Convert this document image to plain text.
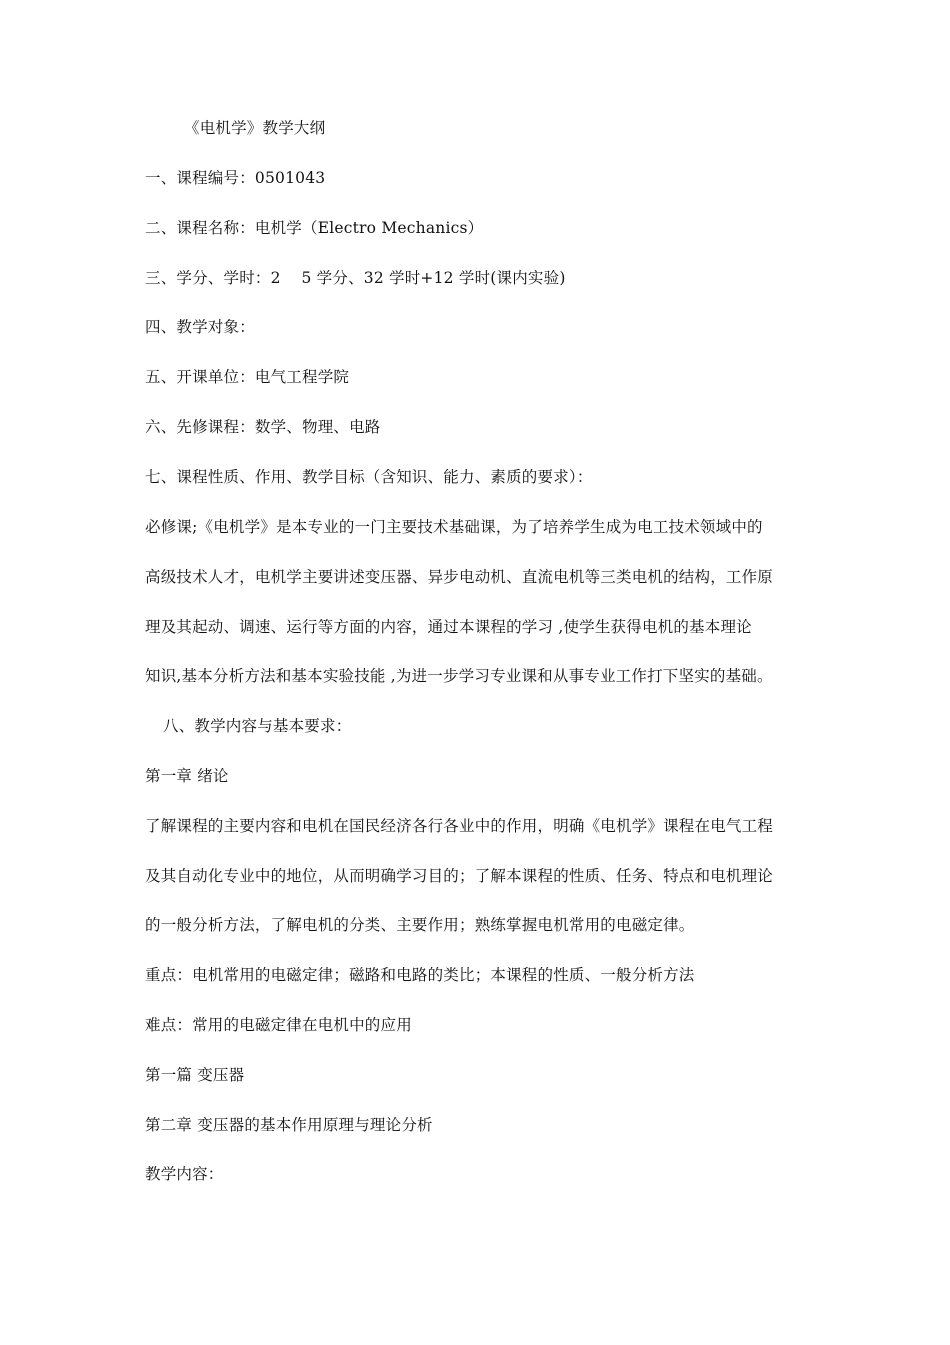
《电机学》教学大纲
一、课程编号：0501043
二、课程名称：电机学（Electro Mechanics）
三、学分、学时：2　 5 学分、32 学时+12 学时(课内实验)
四、教学对象：
五、开课单位：电气工程学院
六、先修课程：数学、物理、电路
七、课程性质、作用、教学目标（含知识、能力、素质的要求）：
必修课;《电机学》是本专业的一门主要技术基础课，为了培养学生成为电工技术领域中的
高级技术人才，电机学主要讲述变压器、异步电动机、直流电机等三类电机的结构，工作原
理及其起动、调速、运行等方面的内容，通过本课程的学习 ,使学生获得电机的基本理论
知识,基本分析方法和基本实验技能 ,为进一步学习专业课和从事专业工作打下坚实的基础。
八、教学内容与基本要求：
第一章 绪论
了解课程的主要内容和电机在国民经济各行各业中的作用，明确《电机学》课程在电气工程
及其自动化专业中的地位，从而明确学习目的；了解本课程的性质、任务、特点和电机理论
的一般分析方法，了解电机的分类、主要作用；熟练掌握电机常用的电磁定律。
重点：电机常用的电磁定律；磁路和电路的类比；本课程的性质、一般分析方法
难点：常用的电磁定律在电机中的应用
第一篇 变压器
第二章 变压器的基本作用原理与理论分析
教学内容：
